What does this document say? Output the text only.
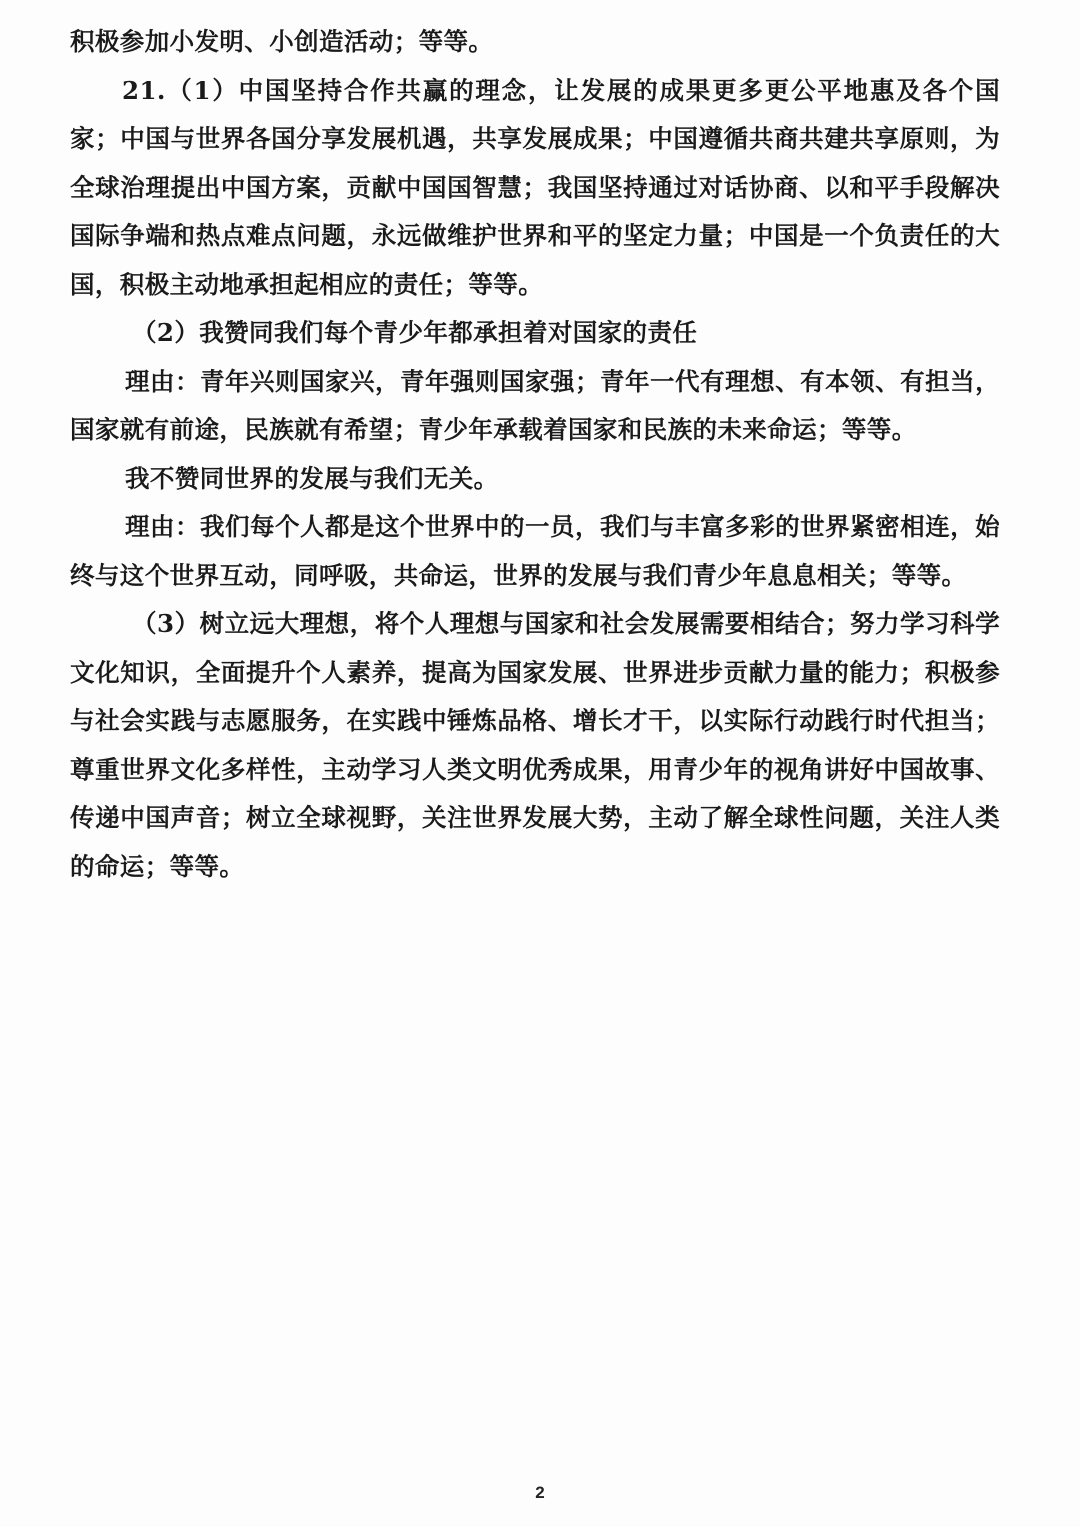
积极参加小发明、小创造活动；等等。

21.（1）中国坚持合作共赢的理念，让发展的成果更多更公平地惠及各个国家；中国与世界各国分享发展机遇，共享发展成果；中国遵循共商共建共享原则，为全球治理提出中国方案，贡献中国国智慧；我国坚持通过对话协商、以和平手段解决国际争端和热点难点问题，永远做维护世界和平的坚定力量；中国是一个负责任的大国，积极主动地承担起相应的责任；等等。

（2）我赞同我们每个青少年都承担着对国家的责任

理由：青年兴则国家兴，青年强则国家强；青年一代有理想、有本领、有担当，国家就有前途，民族就有希望；青少年承载着国家和民族的未来命运；等等。

我不赞同世界的发展与我们无关。

理由：我们每个人都是这个世界中的一员，我们与丰富多彩的世界紧密相连，始终与这个世界互动，同呼吸，共命运，世界的发展与我们青少年息息相关；等等。

（3）树立远大理想，将个人理想与国家和社会发展需要相结合；努力学习科学文化知识，全面提升个人素养，提高为国家发展、世界进步贡献力量的能力；积极参与社会实践与志愿服务，在实践中锤炼品格、增长才干，以实际行动践行时代担当；尊重世界文化多样性，主动学习人类文明优秀成果，用青少年的视角讲好中国故事、传递中国声音；树立全球视野，关注世界发展大势，主动了解全球性问题，关注人类的命运；等等。

2
